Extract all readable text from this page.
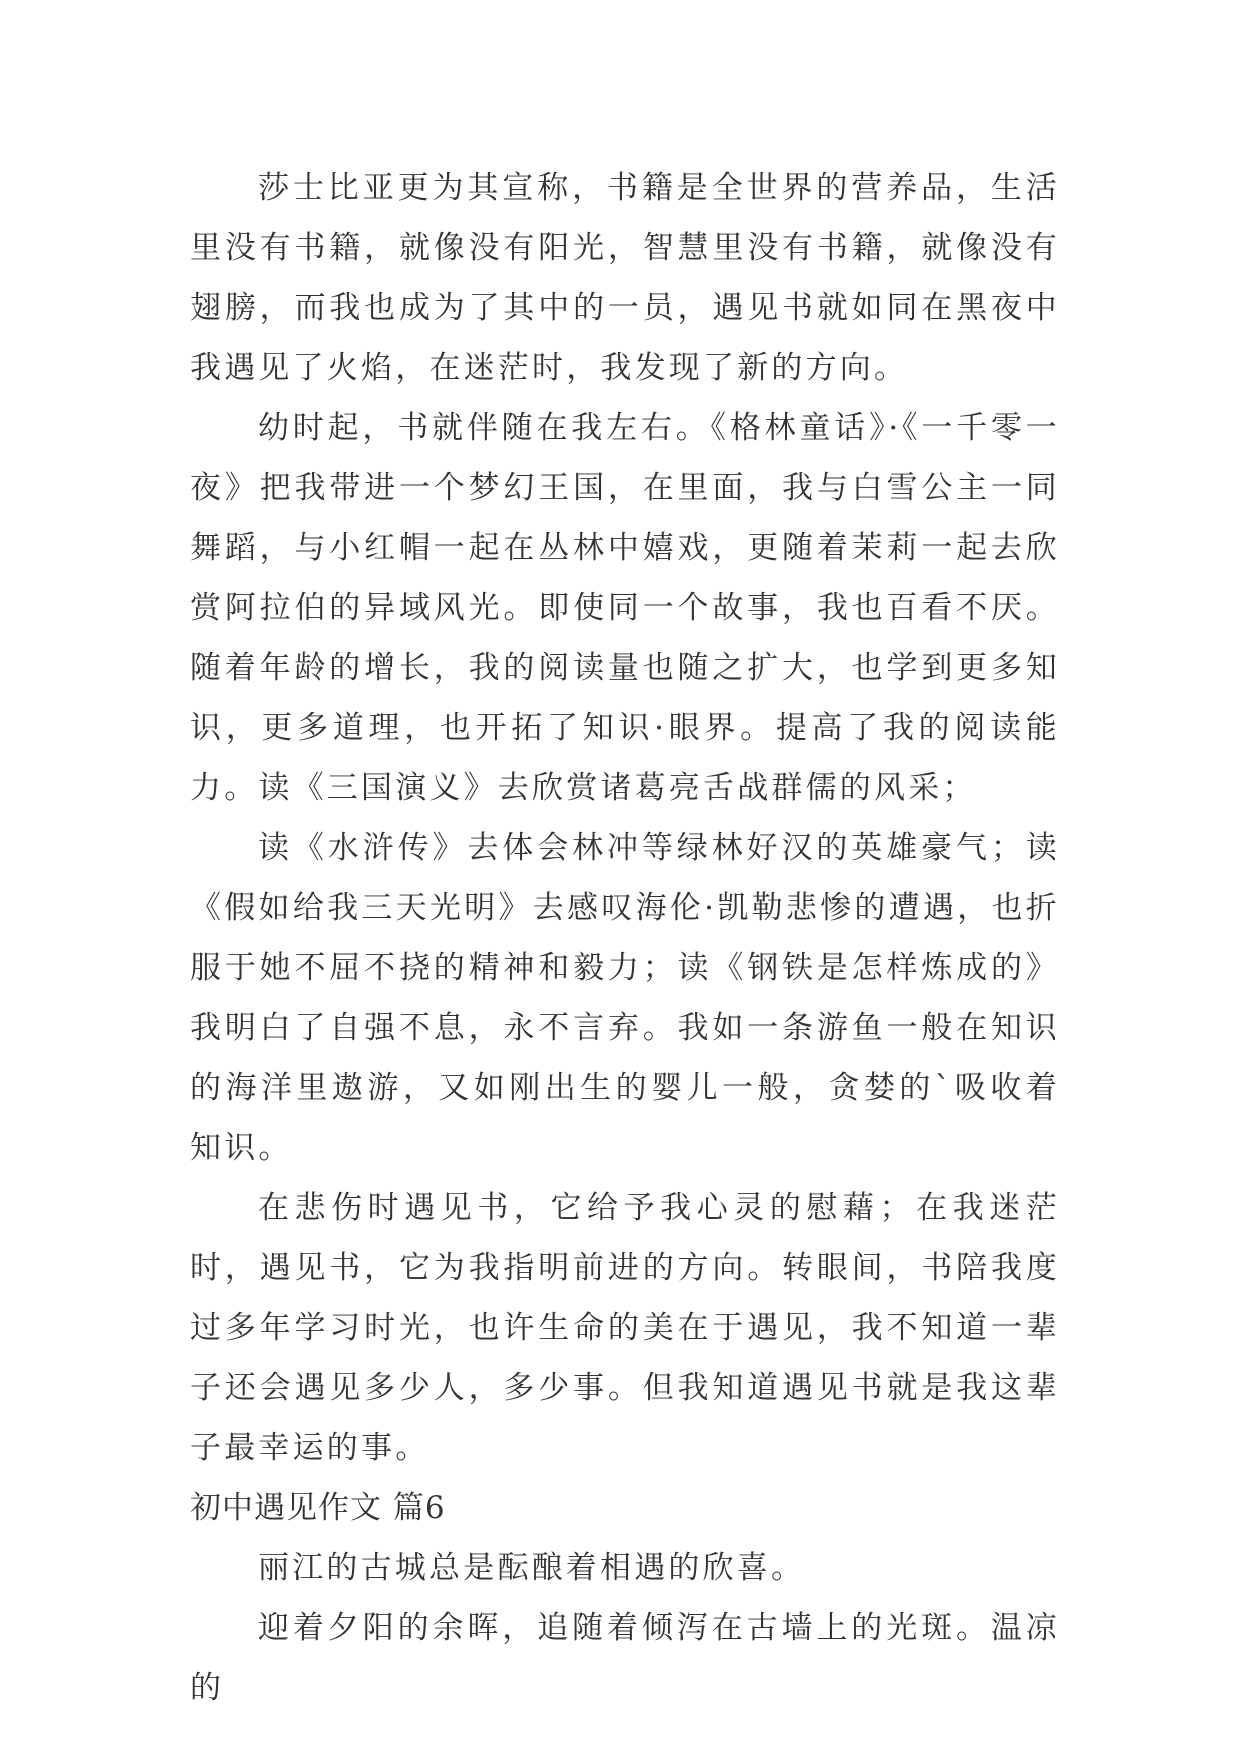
莎士比亚更为其宣称，书籍是全世界的营养品，生活里没有书籍，就像没有阳光，智慧里没有书籍，就像没有翅膀，而我也成为了其中的一员，遇见书就如同在黑夜中我遇见了火焰，在迷茫时，我发现了新的方向。

幼时起，书就伴随在我左右。《格林童话》·《一千零一夜》把我带进一个梦幻王国，在里面，我与白雪公主一同舞蹈，与小红帽一起在丛林中嬉戏，更随着茉莉一起去欣赏阿拉伯的异域风光。即使同一个故事，我也百看不厌。随着年龄的增长，我的阅读量也随之扩大，也学到更多知识，更多道理，也开拓了知识·眼界。提高了我的阅读能力。读《三国演义》去欣赏诸葛亮舌战群儒的风采；

读《水浒传》去体会林冲等绿林好汉的英雄豪气；读《假如给我三天光明》去感叹海伦·凯勒悲惨的遭遇，也折服于她不屈不挠的精神和毅力；读《钢铁是怎样炼成的》我明白了自强不息，永不言弃。我如一条游鱼一般在知识的海洋里遨游，又如刚出生的婴儿一般，贪婪的`吸收着知识。

在悲伤时遇见书，它给予我心灵的慰藉；在我迷茫时，遇见书，它为我指明前进的方向。转眼间，书陪我度过多年学习时光，也许生命的美在于遇见，我不知道一辈子还会遇见多少人，多少事。但我知道遇见书就是我这辈子最幸运的事。

初中遇见作文 篇6

丽江的古城总是酝酿着相遇的欣喜。

迎着夕阳的余晖，追随着倾泻在古墙上的光斑。温凉的
